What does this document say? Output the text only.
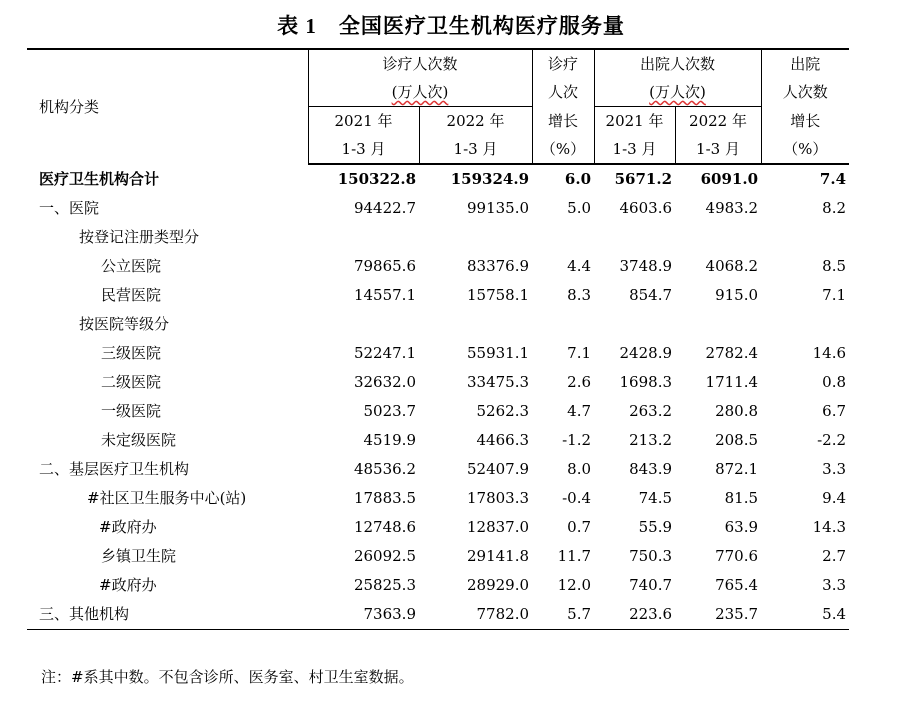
表 1 全国医疗卫生机构医疗服务量
机构分类	诊疗人次数		诊疗	出院人次数		出院
	(万人次)		人次	(万人次)		人次数
	2021 年	2022 年	增长	2021 年	2022 年	增长
	1-3 月	1-3 月	（%）	1-3 月	1-3 月	（%）
医疗卫生机构合计	150322.8	159324.9	6.0	5671.2	6091.0	7.4
一、医院	94422.7	99135.0	5.0	4603.6	4983.2	8.2
按登记注册类型分						
公立医院	79865.6	83376.9	4.4	3748.9	4068.2	8.5
民营医院	14557.1	15758.1	8.3	854.7	915.0	7.1
按医院等级分						
三级医院	52247.1	55931.1	7.1	2428.9	2782.4	14.6
二级医院	32632.0	33475.3	2.6	1698.3	1711.4	0.8
一级医院	5023.7	5262.3	4.7	263.2	280.8	6.7
未定级医院	4519.9	4466.3	-1.2	213.2	208.5	-2.2
二、基层医疗卫生机构	48536.2	52407.9	8.0	843.9	872.1	3.3
#社区卫生服务中心(站)	17883.5	17803.3	-0.4	74.5	81.5	9.4
#政府办	12748.6	12837.0	0.7	55.9	63.9	14.3
乡镇卫生院	26092.5	29141.8	11.7	750.3	770.6	2.7
#政府办	25825.3	28929.0	12.0	740.7	765.4	3.3
三、其他机构	7363.9	7782.0	5.7	223.6	235.7	5.4
注：#系其中数。不包含诊所、医务室、村卫生室数据。
